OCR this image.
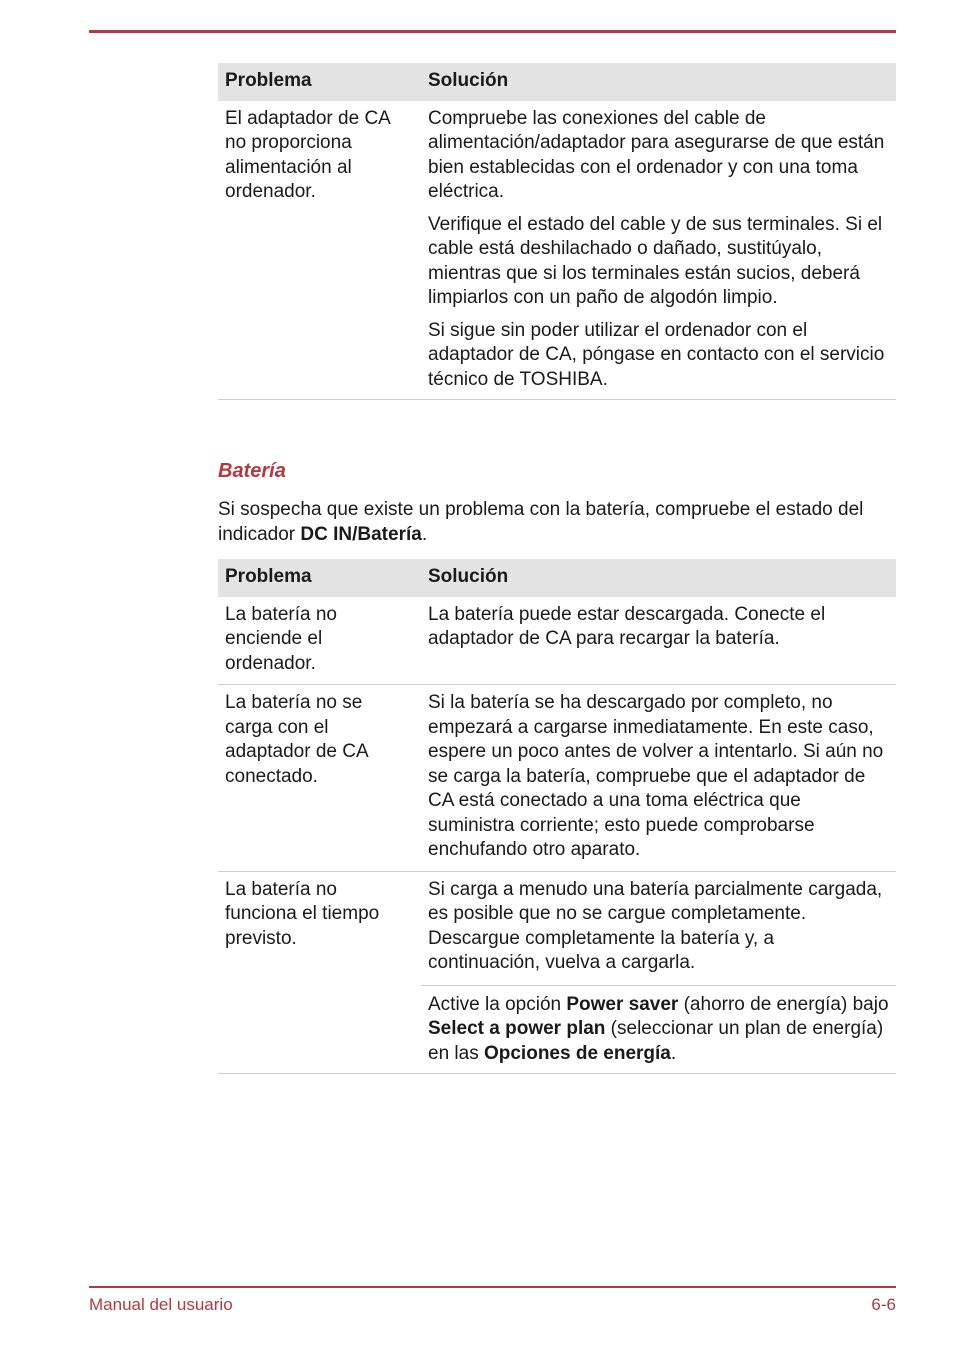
Problema	Solución
El adaptador de CA no proporciona alimentación al ordenador.	Compruebe las conexiones del cable de alimentación/adaptador para asegurarse de que están bien establecidas con el ordenador y con una toma eléctrica.
Verifique el estado del cable y de sus terminales. Si el cable está deshilachado o dañado, sustitúyalo, mientras que si los terminales están sucios, deberá limpiarlos con un paño de algodón limpio.
Si sigue sin poder utilizar el ordenador con el adaptador de CA, póngase en contacto con el servicio técnico de TOSHIBA.
Batería
Si sospecha que existe un problema con la batería, compruebe el estado del indicador DC IN/Batería.
Problema	Solución
La batería no enciende el ordenador.	La batería puede estar descargada. Conecte el adaptador de CA para recargar la batería.
La batería no se carga con el adaptador de CA conectado.	Si la batería se ha descargado por completo, no empezará a cargarse inmediatamente. En este caso, espere un poco antes de volver a intentarlo. Si aún no se carga la batería, compruebe que el adaptador de CA está conectado a una toma eléctrica que suministra corriente; esto puede comprobarse enchufando otro aparato.
La batería no funciona el tiempo previsto.	Si carga a menudo una batería parcialmente cargada, es posible que no se cargue completamente. Descargue completamente la batería y, a continuación, vuelva a cargarla.
Active la opción Power saver (ahorro de energía) bajo Select a power plan (seleccionar un plan de energía) en las Opciones de energía.
Manual del usuario	6-6
